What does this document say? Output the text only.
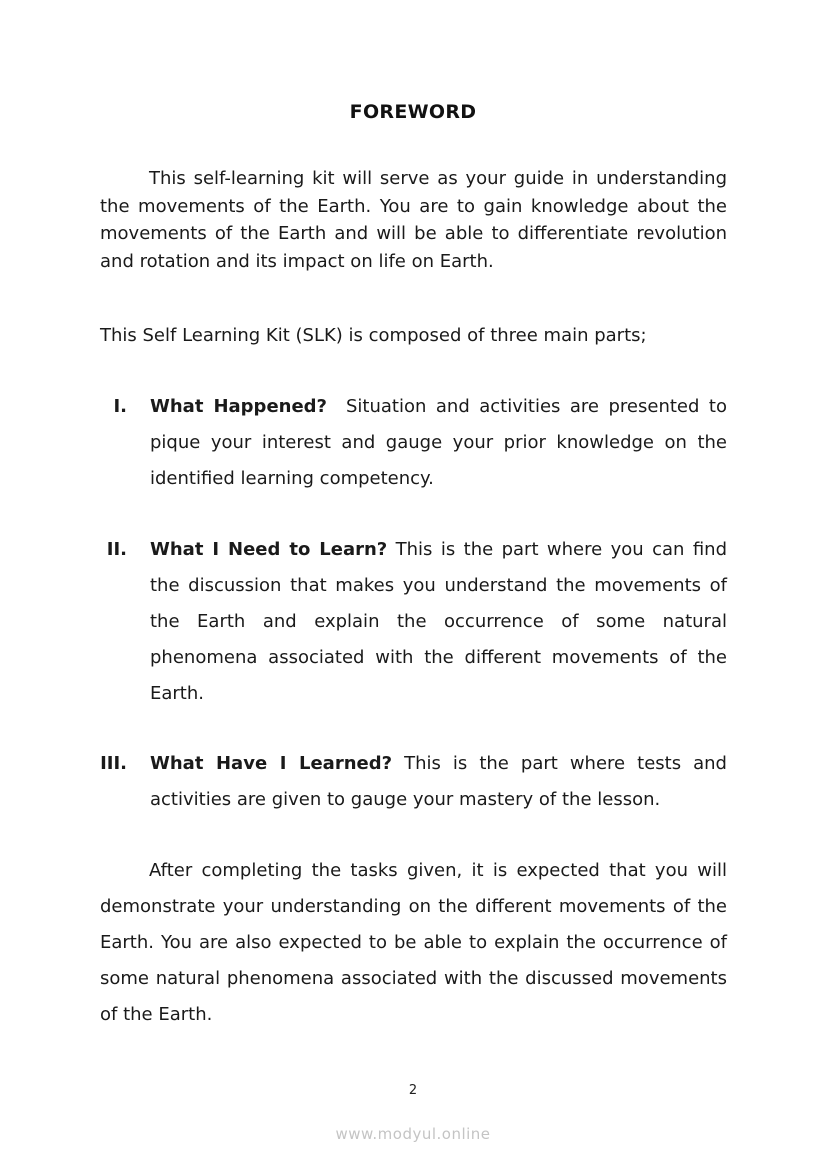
FOREWORD

This self-learning kit will serve as your guide in understanding the movements of the Earth. You are to gain knowledge about the movements of the Earth and will be able to differentiate revolution and rotation and its impact on life on Earth.

This Self Learning Kit (SLK) is composed of three main parts;

I. What Happened? Situation and activities are presented to pique your interest and gauge your prior knowledge on the identified learning competency.
II. What I Need to Learn? This is the part where you can find the discussion that makes you understand the movements of the Earth and explain the occurrence of some natural phenomena associated with the different movements of the Earth.
III. What Have I Learned? This is the part where tests and activities are given to gauge your mastery of the lesson.

After completing the tasks given, it is expected that you will demonstrate your understanding on the different movements of the Earth. You are also expected to be able to explain the occurrence of some natural phenomena associated with the discussed movements of the Earth.

2
www.modyul.online
